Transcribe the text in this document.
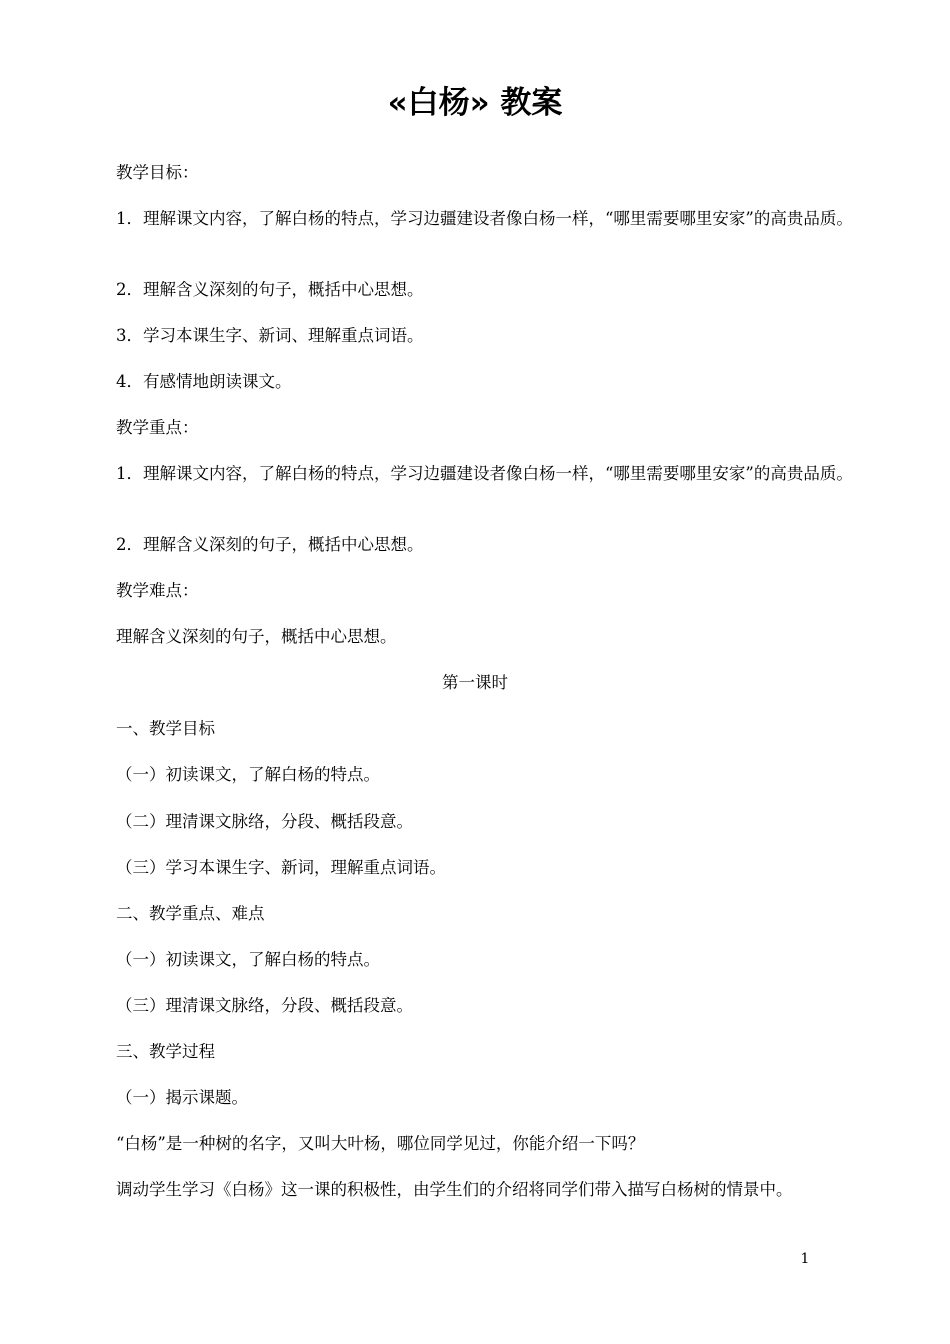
«白杨» 教案

教学目标：

1．理解课文内容，了解白杨的特点，学习边疆建设者像白杨一样，“哪里需要哪里安家”的高贵品质。

2．理解含义深刻的句子，概括中心思想。

3．学习本课生字、新词、理解重点词语。

4．有感情地朗读课文。

教学重点：

1．理解课文内容，了解白杨的特点，学习边疆建设者像白杨一样，“哪里需要哪里安家”的高贵品质。

2．理解含义深刻的句子，概括中心思想。

教学难点：

理解含义深刻的句子，概括中心思想。

第一课时

一、教学目标

（一）初读课文，了解白杨的特点。

（二）理清课文脉络，分段、概括段意。

（三）学习本课生字、新词，理解重点词语。

二、教学重点、难点

（一）初读课文，了解白杨的特点。

（三）理清课文脉络，分段、概括段意。

三、教学过程

（一）揭示课题。

“白杨”是一种树的名字，又叫大叶杨，哪位同学见过，你能介绍一下吗？

调动学生学习《白杨》这一课的积极性，由学生们的介绍将同学们带入描写白杨树的情景中。

1
